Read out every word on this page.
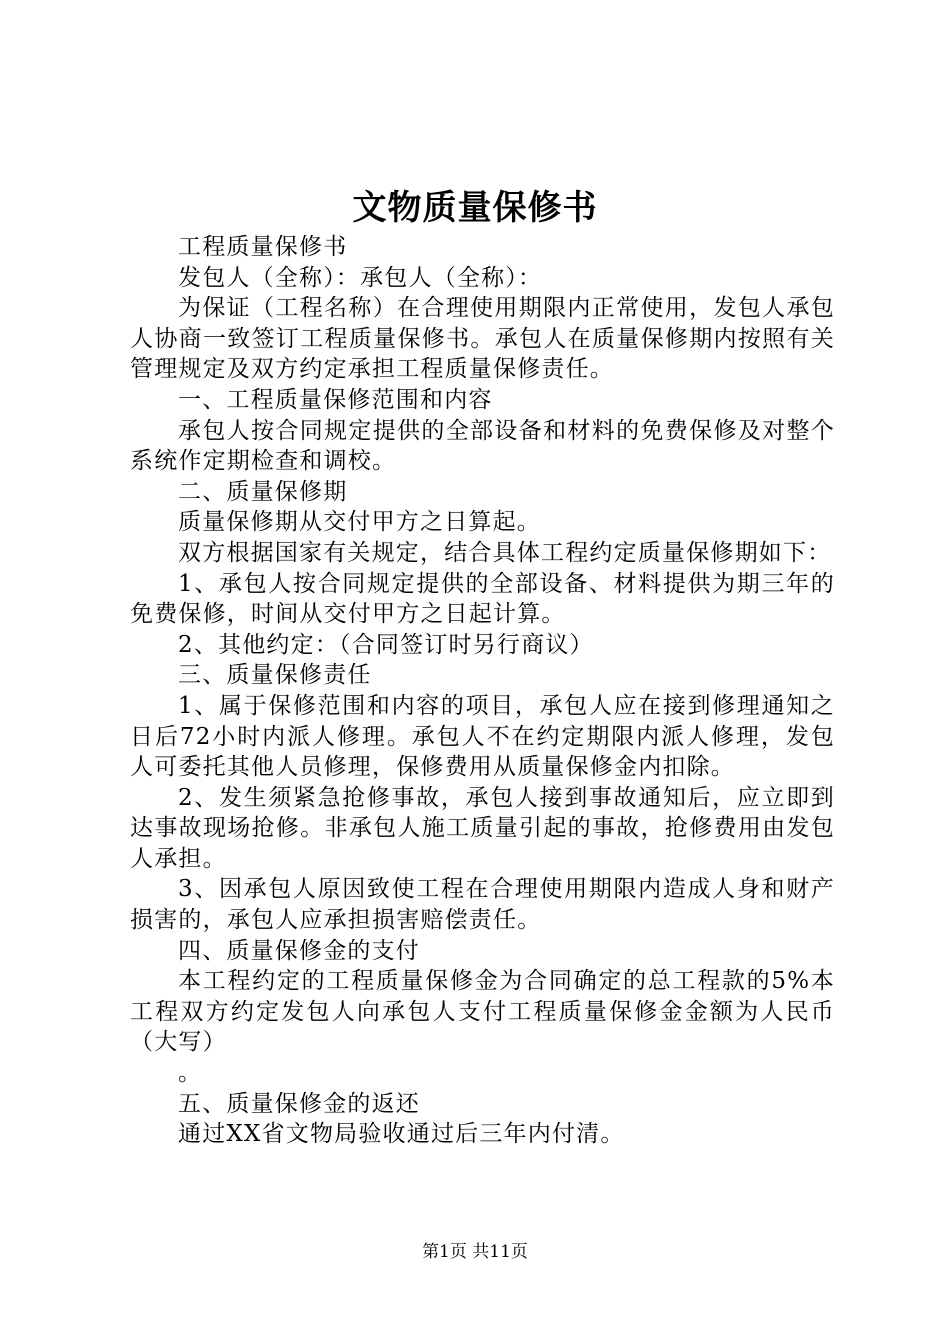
文物质量保修书

工程质量保修书

发包人（全称）：承包人（全称）：

为保证（工程名称）在合理使用期限内正常使用，发包人承包人协商一致签订工程质量保修书。承包人在质量保修期内按照有关管理规定及双方约定承担工程质量保修责任。

一、工程质量保修范围和内容

承包人按合同规定提供的全部设备和材料的免费保修及对整个系统作定期检查和调校。

二、质量保修期

质量保修期从交付甲方之日算起。

双方根据国家有关规定，结合具体工程约定质量保修期如下：

1、承包人按合同规定提供的全部设备、材料提供为期三年的免费保修，时间从交付甲方之日起计算。

2、其他约定：（合同签订时另行商议）

三、质量保修责任

1、属于保修范围和内容的项目，承包人应在接到修理通知之日后72小时内派人修理。承包人不在约定期限内派人修理，发包人可委托其他人员修理，保修费用从质量保修金内扣除。

2、发生须紧急抢修事故，承包人接到事故通知后，应立即到达事故现场抢修。非承包人施工质量引起的事故，抢修费用由发包人承担。

3、因承包人原因致使工程在合理使用期限内造成人身和财产损害的，承包人应承担损害赔偿责任。

四、质量保修金的支付

本工程约定的工程质量保修金为合同确定的总工程款的5%本工程双方约定发包人向承包人支付工程质量保修金金额为人民币（大写）

。

五、质量保修金的返还

通过XX省文物局验收通过后三年内付清。

第1页 共11页
